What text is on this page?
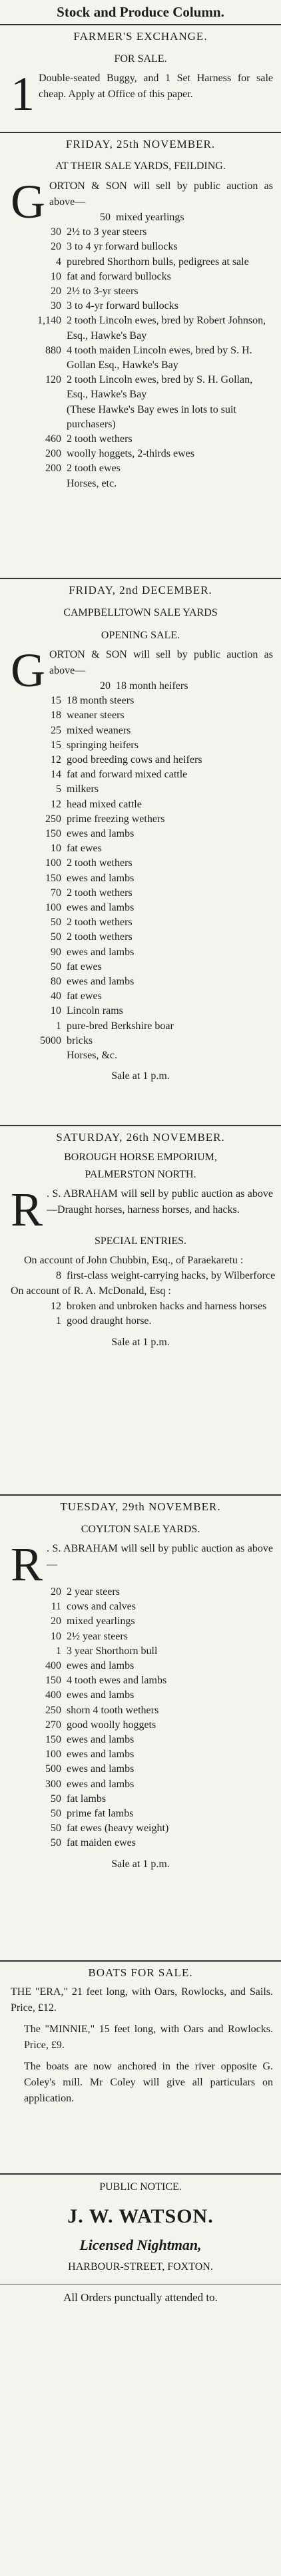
Stock and Produce Column.
FARMER'S EXCHANGE.
FOR SALE.
1 Double-seated Buggy, and 1 Set Harness for sale cheap. Apply at Office of this paper.
FRIDAY, 25th NOVEMBER.
AT THEIR SALE YARDS, FEILDING.
G ORTON & SON will sell by public auction as above—
50 mixed yearlings
30 2½ to 3 year steers
20 3 to 4 yr forward bullocks
4 purebred Shorthorn bulls, pedigrees at sale
10 fat and forward bullocks
20 2½ to 3-yr steers
30 3 to 4-yr forward bullocks
1,140 2 tooth Lincoln ewes, bred by Robert Johnson, Esq., Hawke's Bay
880 4 tooth maiden Lincoln ewes, bred by S. H. Gollan Esq., Hawke's Bay
120 2 tooth Lincoln ewes, bred by S. H. Gollan, Esq., Hawke's Bay
(These Hawke's Bay ewes in lots to suit purchasers)
460 2 tooth wethers
200 woolly hoggets, 2-thirds ewes
200 2 tooth ewes
Horses, etc.
FRIDAY, 2nd DECEMBER.
CAMPBELLTOWN SALE YARDS
OPENING SALE.
G ORTON & SON will sell by public auction as above—
20 18 month heifers
15 18 month steers
18 weaner steers
25 mixed weaners
15 springing heifers
12 good breeding cows and heifers
14 fat and forward mixed cattle
5 milkers
12 head mixed cattle
250 prime freezing wethers
150 ewes and lambs
10 fat ewes
100 2 tooth wethers
150 ewes and lambs
70 2 tooth wethers
100 ewes and lambs
50 2 tooth wethers
50 2 tooth wethers
90 ewes and lambs
50 fat ewes
80 ewes and lambs
40 fat ewes
10 Lincoln rams
1 pure-bred Berkshire boar
5000 bricks
Horses, &c.
Sale at 1 p.m.
SATURDAY, 26th NOVEMBER.
BOROUGH HORSE EMPORIUM,
PALMERSTON NORTH.
R . S. ABRAHAM will sell by public auction as above—Draught horses, harness horses, and hacks.
SPECIAL ENTRIES.
On account of John Chubbin, Esq., of Paraekaretu :
8 first-class weight-carrying hacks, by Wilberforce
On account of R. A. McDonald, Esq :
12 broken and unbroken hacks and harness horses
1 good draught horse.
Sale at 1 p.m.
TUESDAY, 29th NOVEMBER.
COYLTON SALE YARDS.
R . S. ABRAHAM will sell by public auction as above—
20 2 year steers
11 cows and calves
20 mixed yearlings
10 2½ year steers
1 3 year Shorthorn bull
400 ewes and lambs
150 4 tooth ewes and lambs
400 ewes and lambs
250 shorn 4 tooth wethers
270 good woolly hoggets
150 ewes and lambs
100 ewes and lambs
500 ewes and lambs
300 ewes and lambs
50 fat lambs
50 prime fat lambs
50 fat ewes (heavy weight)
50 fat maiden ewes
Sale at 1 p.m.
BOATS FOR SALE.
THE "ERA," 21 feet long, with Oars, Rowlocks, and Sails. Price, £12.
The "MINNIE," 15 feet long, with Oars and Rowlocks. Price, £9.
The boats are now anchored in the river opposite G. Coley's mill. Mr Coley will give all particulars on application.
PUBLIC NOTICE.
J. W. WATSON.
Licensed Nightman,
HARBOUR-STREET, FOXTON.
All Orders punctually attended to.
